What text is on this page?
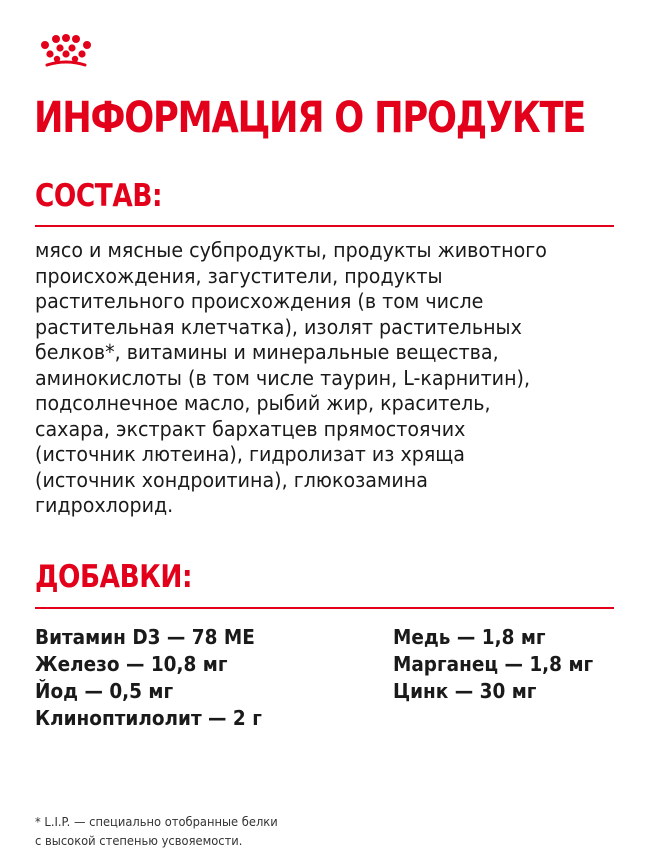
ИНФОРМАЦИЯ О ПРОДУКТЕ
СОСТАВ:

мясо и мясные субпродукты, продукты животного
происхождения, загустители, продукты
растительного происхождения (в том числе
растительная клетчатка), изолят растительных
белков*, витамины и минеральные вещества,
аминокислоты (в том числе таурин, L-карнитин),
подсолнечное масло, рыбий жир, краситель,
сахара, экстракт бархатцев прямостоячих
(источник лютеина), гидролизат из хряща
(источник хондроитина), глюкозамина
гидрохлорид.

ДОБАВКИ:
Витамин D3 — 78 МЕ
Железо — 10,8 мг
Йод — 0,5 мг
Клиноптилолит — 2 г
Медь — 1,8 мг
Марганец — 1,8 мг
Цинк — 30 мг

* L.I.P. — специально отобранные белки
с высокой степенью усвояемости.
